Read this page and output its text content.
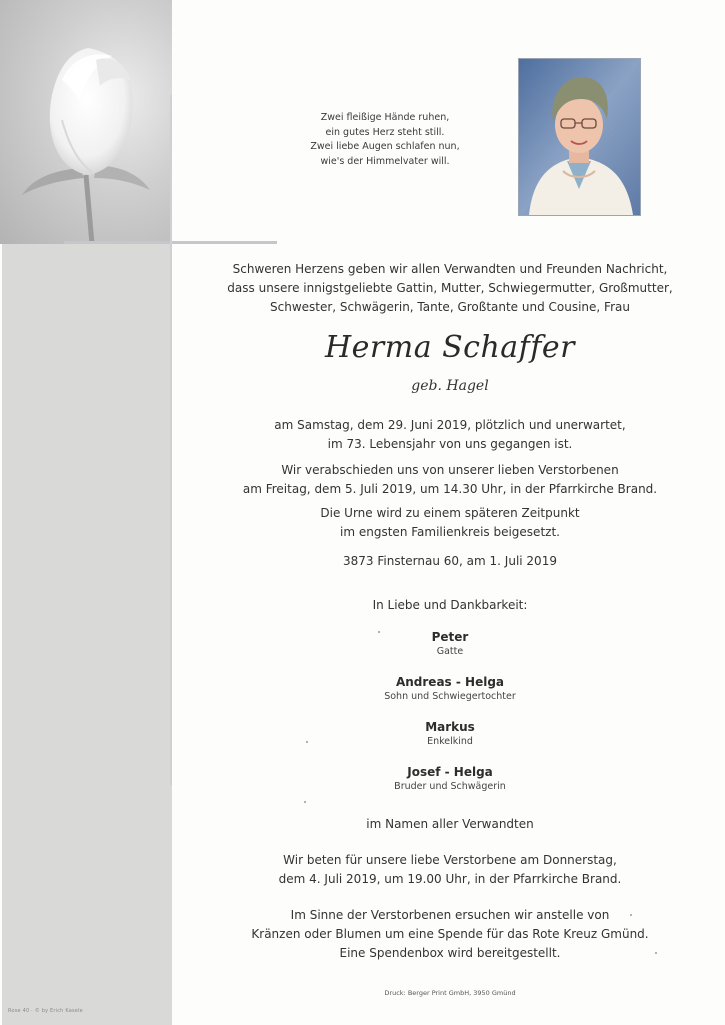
Rose 40 · © by Erich Kasele
Zwei fleißige Hände ruhen,
ein gutes Herz steht still.
Zwei liebe Augen schlafen nun,
wie's der Himmelvater will.
Schweren Herzens geben wir allen Verwandten und Freunden Nachricht,
dass unsere innigstgeliebte Gattin, Mutter, Schwiegermutter, Großmutter,
Schwester, Schwägerin, Tante, Großtante und Cousine, Frau
Herma Schaffer
geb. Hagel
am Samstag, dem 29. Juni 2019, plötzlich und unerwartet,
im 73. Lebensjahr von uns gegangen ist.
Wir verabschieden uns von unserer lieben Verstorbenen
am Freitag, dem 5. Juli 2019, um 14.30 Uhr, in der Pfarrkirche Brand.
Die Urne wird zu einem späteren Zeitpunkt
im engsten Familienkreis beigesetzt.
3873 Finsternau 60, am 1. Juli 2019
In Liebe und Dankbarkeit:
Peter
Gatte
Andreas - Helga
Sohn und Schwiegertochter
Markus
Enkelkind
Josef - Helga
Bruder und Schwägerin
im Namen aller Verwandten
Wir beten für unsere liebe Verstorbene am Donnerstag,
dem 4. Juli 2019, um 19.00 Uhr, in der Pfarrkirche Brand.
Im Sinne der Verstorbenen ersuchen wir anstelle von
Kränzen oder Blumen um eine Spende für das Rote Kreuz Gmünd.
Eine Spendenbox wird bereitgestellt.
Druck: Berger Print GmbH, 3950 Gmünd
